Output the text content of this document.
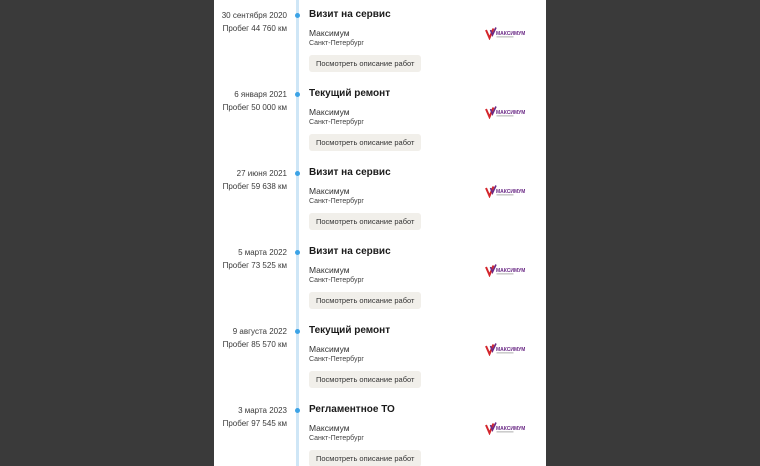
30 сентября 2020
Пробег 44 760 км
Визит на сервис
Максимум
Санкт-Петербург
МАКСИМУМ
Посмотреть описание работ
6 января 2021
Пробег 50 000 км
Текущий ремонт
Максимум
Санкт-Петербург
МАКСИМУМ
Посмотреть описание работ
27 июня 2021
Пробег 59 638 км
Визит на сервис
Максимум
Санкт-Петербург
МАКСИМУМ
Посмотреть описание работ
5 марта 2022
Пробег 73 525 км
Визит на сервис
Максимум
Санкт-Петербург
МАКСИМУМ
Посмотреть описание работ
9 августа 2022
Пробег 85 570 км
Текущий ремонт
Максимум
Санкт-Петербург
МАКСИМУМ
Посмотреть описание работ
3 марта 2023
Пробег 97 545 км
Регламентное ТО
Максимум
Санкт-Петербург
МАКСИМУМ
Посмотреть описание работ
